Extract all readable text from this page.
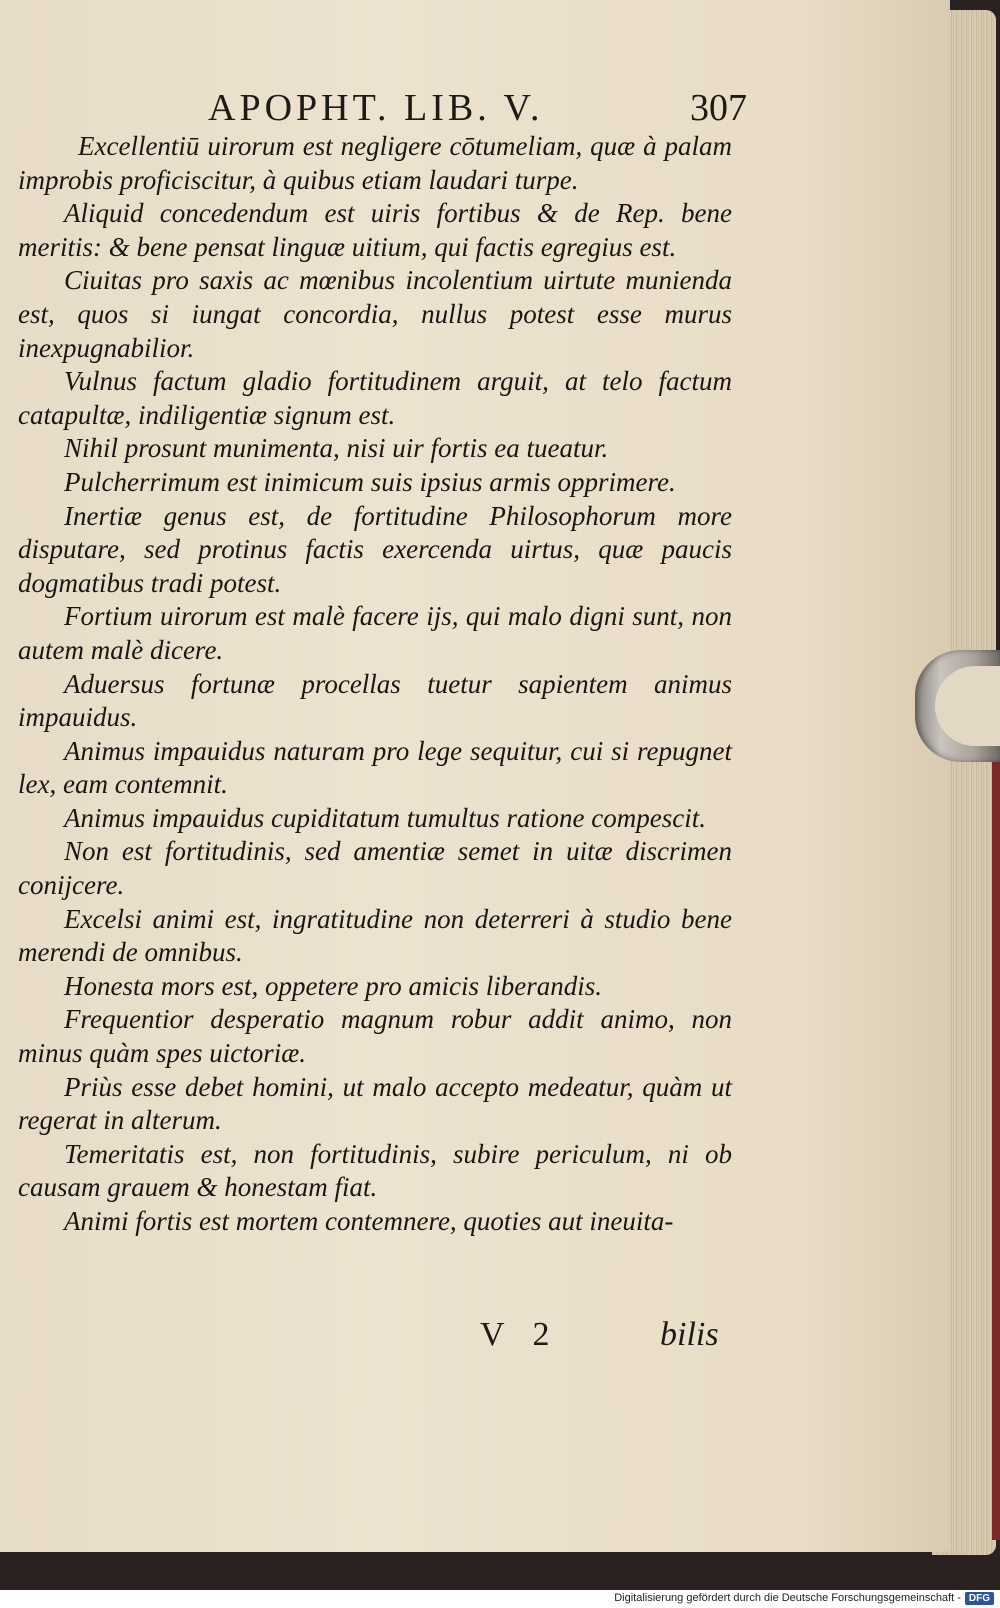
APOPHT. LIB. V.	307

Excellentiū uirorum est negligere cōtumeliam, quæ à palam improbis proficiscitur, à quibus etiam laudari turpe.

Aliquid concedendum est uiris fortibus & de Rep. bene meritis: & bene pensat linguæ uitium, qui factis egregius est.

Ciuitas pro saxis ac mœnibus incolentium uirtute munienda est, quos si iungat concordia, nullus potest esse murus inexpugnabilior.

Vulnus factum gladio fortitudinem arguit, at telo factum catapultæ, indiligentiæ signum est.

Nihil prosunt munimenta, nisi uir fortis ea tueatur.

Pulcherrimum est inimicum suis ipsius armis opprimere.

Inertiæ genus est, de fortitudine Philosophorum more disputare, sed protinus factis exercenda uirtus, quæ paucis dogmatibus tradi potest.

Fortium uirorum est malè facere ijs, qui malo digni sunt, non autem malè dicere.

Aduersus fortunæ procellas tuetur sapientem animus impauidus.

Animus impauidus naturam pro lege sequitur, cui si repugnet lex, eam contemnit.

Animus impauidus cupiditatum tumultus ratione compescit.

Non est fortitudinis, sed amentiæ semet in uitæ discrimen conijcere.

Excelsi animi est, ingratitudine non deterreri à studio bene merendi de omnibus.

Honesta mors est, oppetere pro amicis liberandis.

Frequentior desperatio magnum robur addit animo, non minus quàm spes uictoriæ.

Priùs esse debet homini, ut malo accepto medeatur, quàm ut regerat in alterum.

Temeritatis est, non fortitudinis, subire periculum, ni ob causam grauem & honestam fiat.

Animi fortis est mortem contemnere, quoties aut ineuita-

V 2	bilis
Digitalisierung gefördert durch die Deutsche Forschungsgemeinschaft - DFG
